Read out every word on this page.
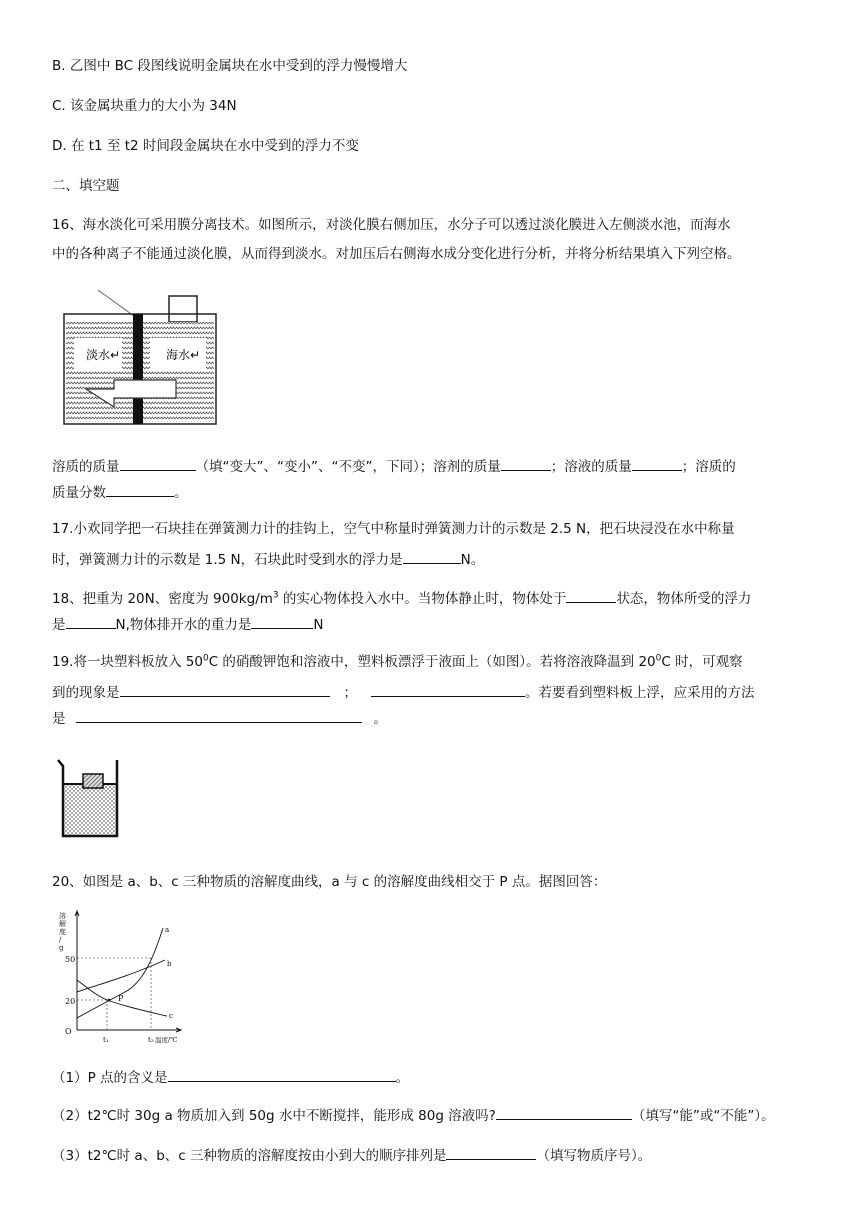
B. 乙图中 BC 段图线说明金属块在水中受到的浮力慢慢增大
C. 该金属块重力的大小为 34N
D. 在 t1 至 t2 时间段金属块在水中受到的浮力不变
二、填空题
16、海水淡化可采用膜分离技术。如图所示，对淡化膜右侧加压，水分子可以透过淡化膜进入左侧淡水池，而海水
中的各种离子不能通过淡化膜，从而得到淡水。对加压后右侧海水成分变化进行分析，并将分析结果填入下列空格。
淡水↵	海水↵
溶质的质量	（填“变大”、“变小”、“不变”，下同）；溶剂的质量	；溶液的质量	；溶质的
质量分数	。
17.小欢同学把一石块挂在弹簧测力计的挂钩上，空气中称量时弹簧测力计的示数是 2.5 N，把石块浸没在水中称量
时，弹簧测力计的示数是 1.5 N，石块此时受到水的浮力是	N。
18、把重为 20N、密度为 $900kg/m^3$ 的实心物体投入水中。当物体静止时，物体处于	状态，物体所受的浮力
是	N,物体排开水的重力是	N
19.将一块塑料板放入 $50^0C$ 的硝酸钾饱和溶液中，塑料板漂浮于液面上（如图）。若将溶液降温到 $20^0C$ 时，可观察
到的现象是	；	。若要看到塑料板上浮，应采用的方法
是	。
20、如图是 a、b、c 三种物质的溶解度曲线，a 与 c 的溶解度曲线相交于 P 点。据图回答：
溶解度/ g
50
20
O
t₁	t₂ 温度/℃
P
a
b
c
（1）P 点的含义是	。
（2）t2℃时 30g a 物质加入到 50g 水中不断搅拌，能形成 80g 溶液吗?	（填写“能”或“不能”）。
（3）t2℃时 a、b、c 三种物质的溶解度按由小到大的顺序排列是	（填写物质序号）。
